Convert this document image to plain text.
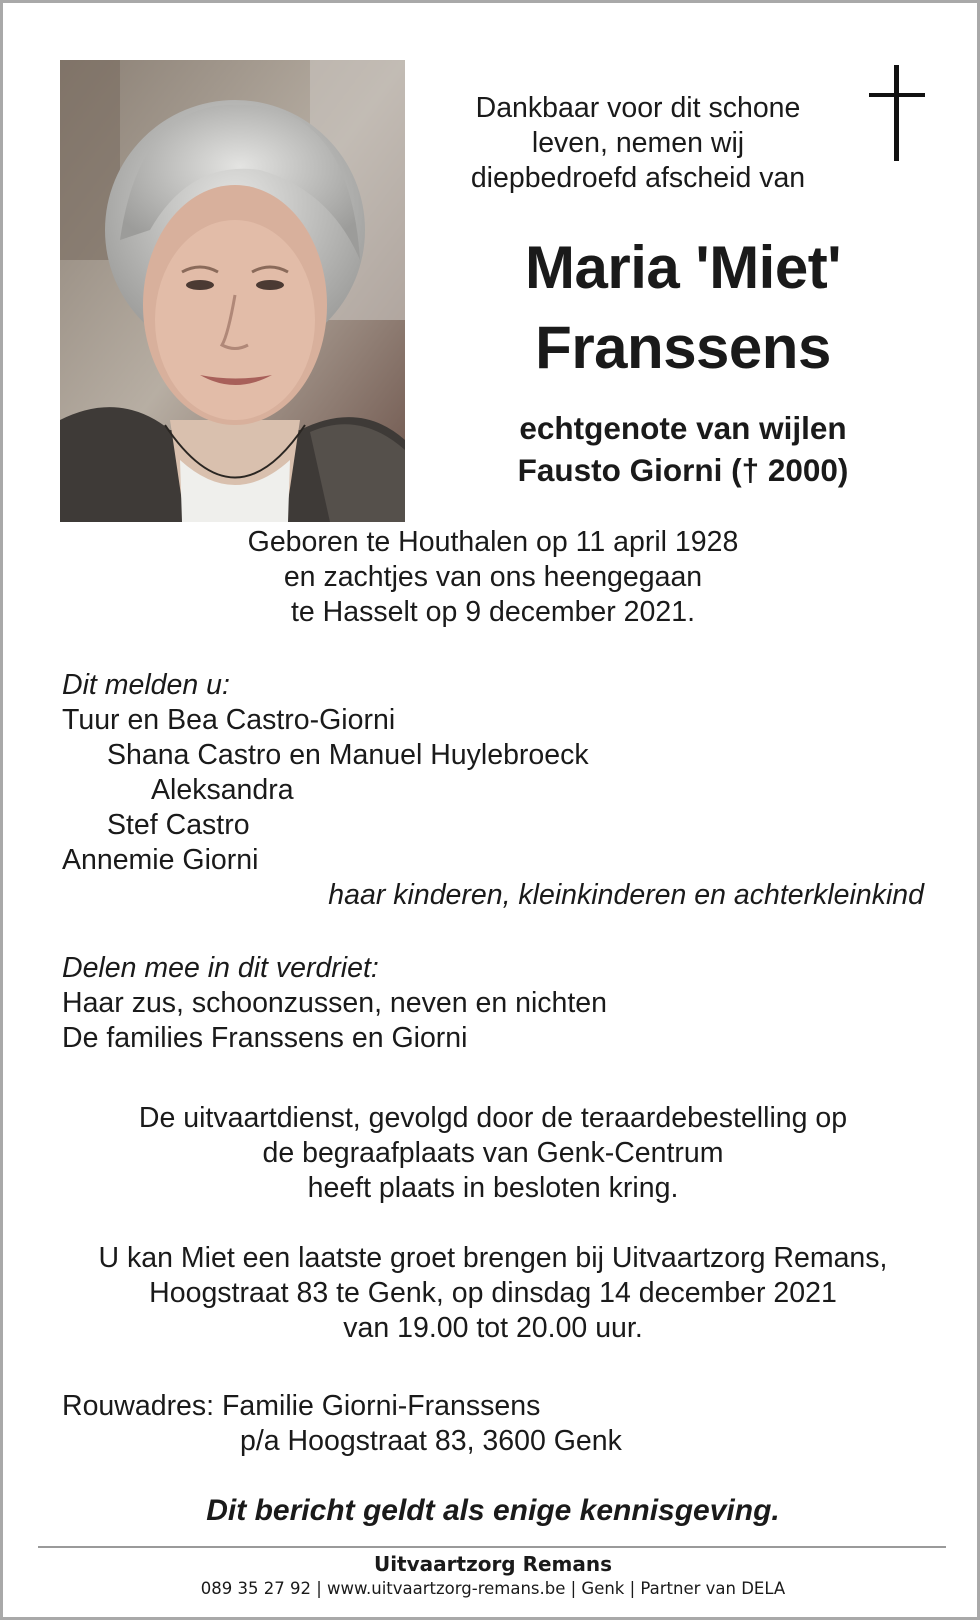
Dankbaar voor dit schone
leven, nemen wij
diepbedroefd afscheid van
Maria 'Miet'
Franssens
echtgenote van wijlen
Fausto Giorni († 2000)
Geboren te Houthalen op 11 april 1928
en zachtjes van ons heengegaan
te Hasselt op 9 december 2021.
Dit melden u:
Tuur en Bea Castro-Giorni
Shana Castro en Manuel Huylebroeck
Aleksandra
Stef Castro
Annemie Giorni
haar kinderen, kleinkinderen en achterkleinkind
Delen mee in dit verdriet:
Haar zus, schoonzussen, neven en nichten
De families Franssens en Giorni
De uitvaartdienst, gevolgd door de teraardebestelling op
de begraafplaats van Genk-Centrum
heeft plaats in besloten kring.
U kan Miet een laatste groet brengen bij Uitvaartzorg Remans,
Hoogstraat 83 te Genk, op dinsdag 14 december 2021
van 19.00 tot 20.00 uur.
Rouwadres: Familie Giorni-Franssens
p/a Hoogstraat 83, 3600 Genk
Dit bericht geldt als enige kennisgeving.
Uitvaartzorg Remans
089 35 27 92 | www.uitvaartzorg-remans.be | Genk | Partner van DELA
